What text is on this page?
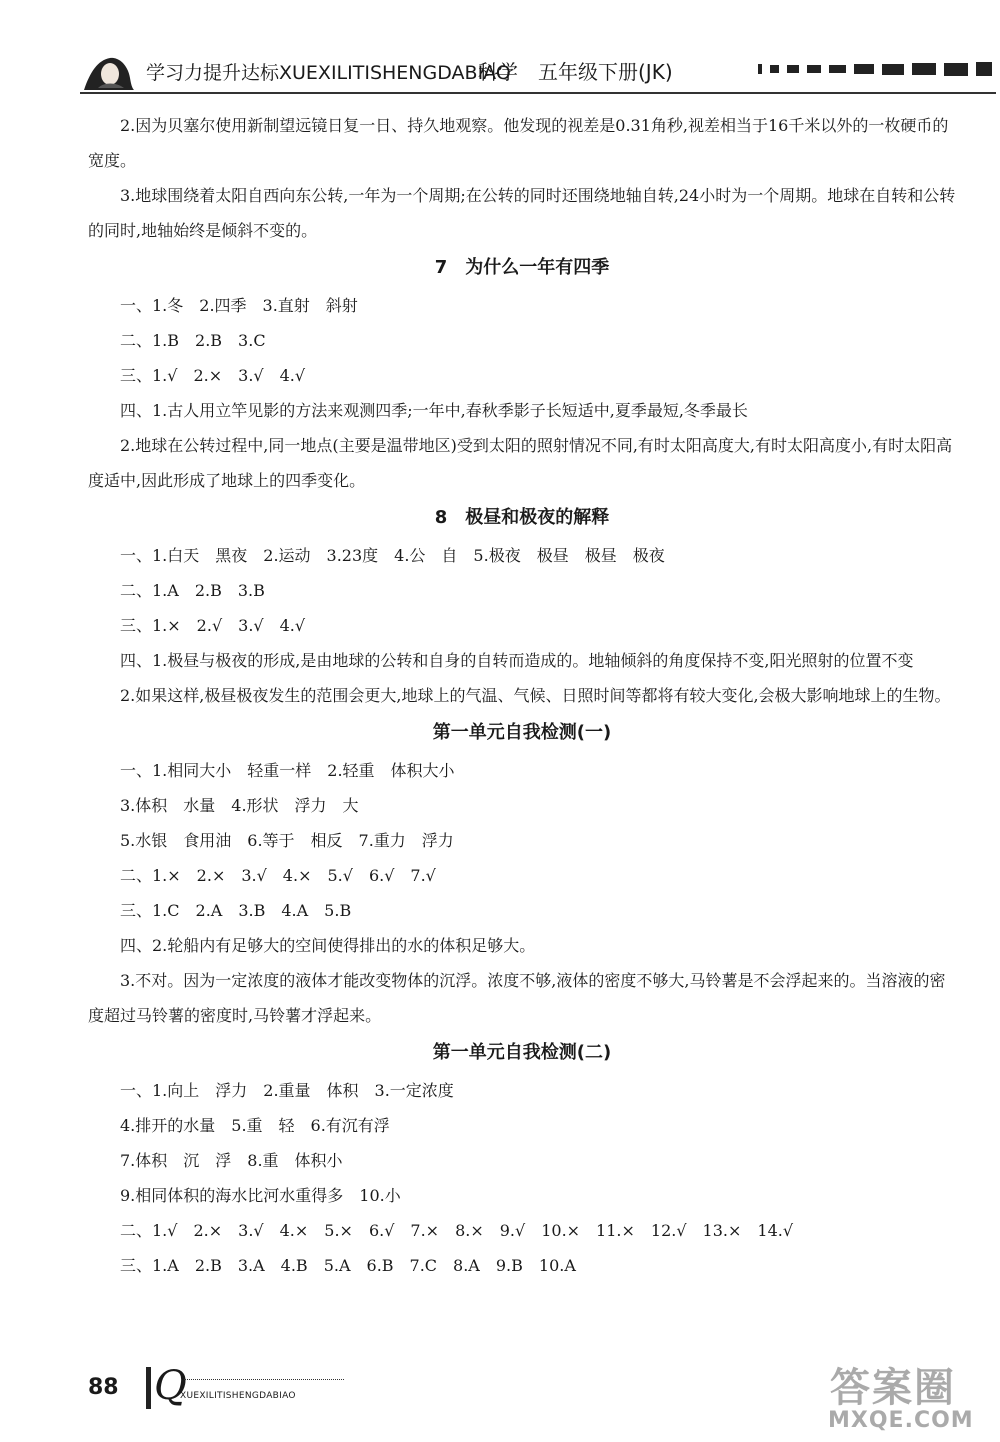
学习力提升达标XUEXILITISHENGDABIAO
科学　五年级下册(JK)

2.因为贝塞尔使用新制望远镜日复一日、持久地观察。他发现的视差是0.31角秒,视差相当于16千米以外的一枚硬币的宽度。

3.地球围绕着太阳自西向东公转,一年为一个周期;在公转的同时还围绕地轴自转,24小时为一个周期。地球在自转和公转的同时,地轴始终是倾斜不变的。

7　为什么一年有四季

一、1.冬　2.四季　3.直射　斜射

二、1.B　2.B　3.C

三、1.√　2.×　3.√　4.√

四、1.古人用立竿见影的方法来观测四季;一年中,春秋季影子长短适中,夏季最短,冬季最长

2.地球在公转过程中,同一地点(主要是温带地区)受到太阳的照射情况不同,有时太阳高度大,有时太阳高度小,有时太阳高度适中,因此形成了地球上的四季变化。

8　极昼和极夜的解释

一、1.白天　黑夜　2.运动　3.23度　4.公　自　5.极夜　极昼　极昼　极夜

二、1.A　2.B　3.B

三、1.×　2.√　3.√　4.√

四、1.极昼与极夜的形成,是由地球的公转和自身的自转而造成的。地轴倾斜的角度保持不变,阳光照射的位置不变

2.如果这样,极昼极夜发生的范围会更大,地球上的气温、气候、日照时间等都将有较大变化,会极大影响地球上的生物。

第一单元自我检测(一)

一、1.相同大小　轻重一样　2.轻重　体积大小

3.体积　水量　4.形状　浮力　大

5.水银　食用油　6.等于　相反　7.重力　浮力

二、1.×　2.×　3.√　4.×　5.√　6.√　7.√

三、1.C　2.A　3.B　4.A　5.B

四、2.轮船内有足够大的空间使得排出的水的体积足够大。

3.不对。因为一定浓度的液体才能改变物体的沉浮。浓度不够,液体的密度不够大,马铃薯是不会浮起来的。当溶液的密度超过马铃薯的密度时,马铃薯才浮起来。

第一单元自我检测(二)

一、1.向上　浮力　2.重量　体积　3.一定浓度

4.排开的水量　5.重　轻　6.有沉有浮

7.体积　沉　浮　8.重　体积小

9.相同体积的海水比河水重得多　10.小

二、1.√　2.×　3.√　4.×　5.×　6.√　7.×　8.×　9.√　10.×　11.×　12.√　13.×　14.√

三、1.A　2.B　3.A　4.B　5.A　6.B　7.C　8.A　9.B　10.A

88 Q
XUEXILITISHENGDABIAO	答案圈
MXQE.COM
